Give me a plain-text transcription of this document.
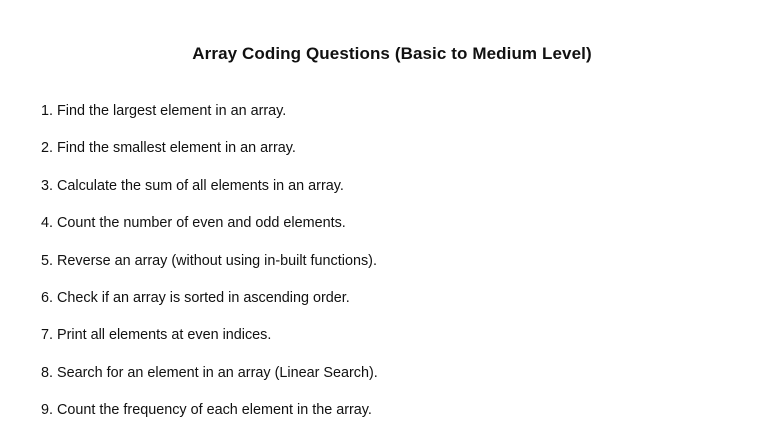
Array Coding Questions (Basic to Medium Level)
1. Find the largest element in an array.
2. Find the smallest element in an array.
3. Calculate the sum of all elements in an array.
4. Count the number of even and odd elements.
5. Reverse an array (without using in-built functions).
6. Check if an array is sorted in ascending order.
7. Print all elements at even indices.
8. Search for an element in an array (Linear Search).
9. Count the frequency of each element in the array.
